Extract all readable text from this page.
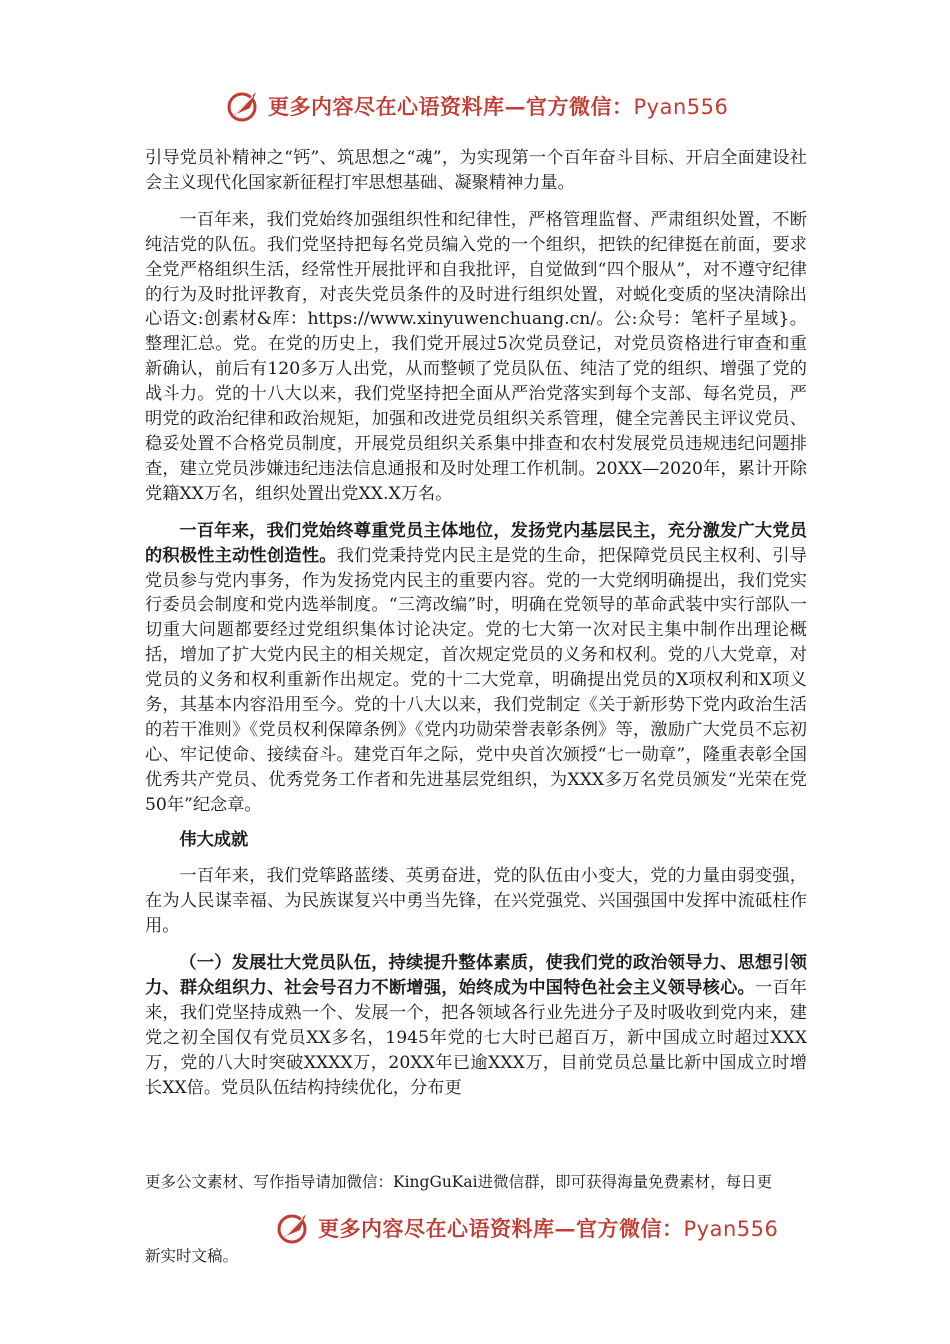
更多内容尽在心语资料库—官方微信：Pyan556

引导党员补精神之“钙”、筑思想之“魂”，为实现第一个百年奋斗目标、开启全面建设社会主义现代化国家新征程打牢思想基础、凝聚精神力量。

一百年来，我们党始终加强组织性和纪律性，严格管理监督、严肃组织处置，不断纯洁党的队伍。我们党坚持把每名党员编入党的一个组织，把铁的纪律挺在前面，要求全党严格组织生活，经常性开展批评和自我批评，自觉做到“四个服从”，对不遵守纪律的行为及时批评教育，对丧失党员条件的及时进行组织处置，对蜕化变质的坚决清除出心语文:创素材&库：https://www.xinyuwenchuang.cn/。公:众号：笔杆子星域}。整理汇总。党。在党的历史上，我们党开展过5次党员登记，对党员资格进行审查和重新确认，前后有120多万人出党，从而整顿了党员队伍、纯洁了党的组织、增强了党的战斗力。党的十八大以来，我们党坚持把全面从严治党落实到每个支部、每名党员，严明党的政治纪律和政治规矩，加强和改进党员组织关系管理，健全完善民主评议党员、稳妥处置不合格党员制度，开展党员组织关系集中排查和农村发展党员违规违纪问题排查，建立党员涉嫌违纪违法信息通报和及时处理工作机制。20XX—2020年，累计开除党籍XX万名，组织处置出党XX.X万名。

一百年来，我们党始终尊重党员主体地位，发扬党内基层民主，充分激发广大党员的积极性主动性创造性。我们党秉持党内民主是党的生命，把保障党员民主权利、引导党员参与党内事务，作为发扬党内民主的重要内容。党的一大党纲明确提出，我们党实行委员会制度和党内选举制度。“三湾改编”时，明确在党领导的革命武装中实行部队一切重大问题都要经过党组织集体讨论决定。党的七大第一次对民主集中制作出理论概括，增加了扩大党内民主的相关规定，首次规定党员的义务和权利。党的八大党章，对党员的义务和权利重新作出规定。党的十二大党章，明确提出党员的X项权利和X项义务，其基本内容沿用至今。党的十八大以来，我们党制定《关于新形势下党内政治生活的若干准则》《党员权利保障条例》《党内功勋荣誉表彰条例》等，激励广大党员不忘初心、牢记使命、接续奋斗。建党百年之际，党中央首次颁授“七一勋章”，隆重表彰全国优秀共产党员、优秀党务工作者和先进基层党组织，为XXX多万名党员颁发“光荣在党50年”纪念章。

伟大成就

一百年来，我们党筚路蓝缕、英勇奋进，党的队伍由小变大，党的力量由弱变强，在为人民谋幸福、为民族谋复兴中勇当先锋，在兴党强党、兴国强国中发挥中流砥柱作用。

（一）发展壮大党员队伍，持续提升整体素质，使我们党的政治领导力、思想引领力、群众组织力、社会号召力不断增强，始终成为中国特色社会主义领导核心。一百年来，我们党坚持成熟一个、发展一个，把各领域各行业先进分子及时吸收到党内来，建党之初全国仅有党员XX多名，1945年党的七大时已超百万，新中国成立时超过XXX万，党的八大时突破XXXX万，20XX年已逾XXX万，目前党员总量比新中国成立时增长XX倍。党员队伍结构持续优化，分布更

更多公文素材、写作指导请加微信：KingGuKai进微信群，即可获得海量免费素材，每日更
更多内容尽在心语资料库—官方微信：Pyan556
新实时文稿。
